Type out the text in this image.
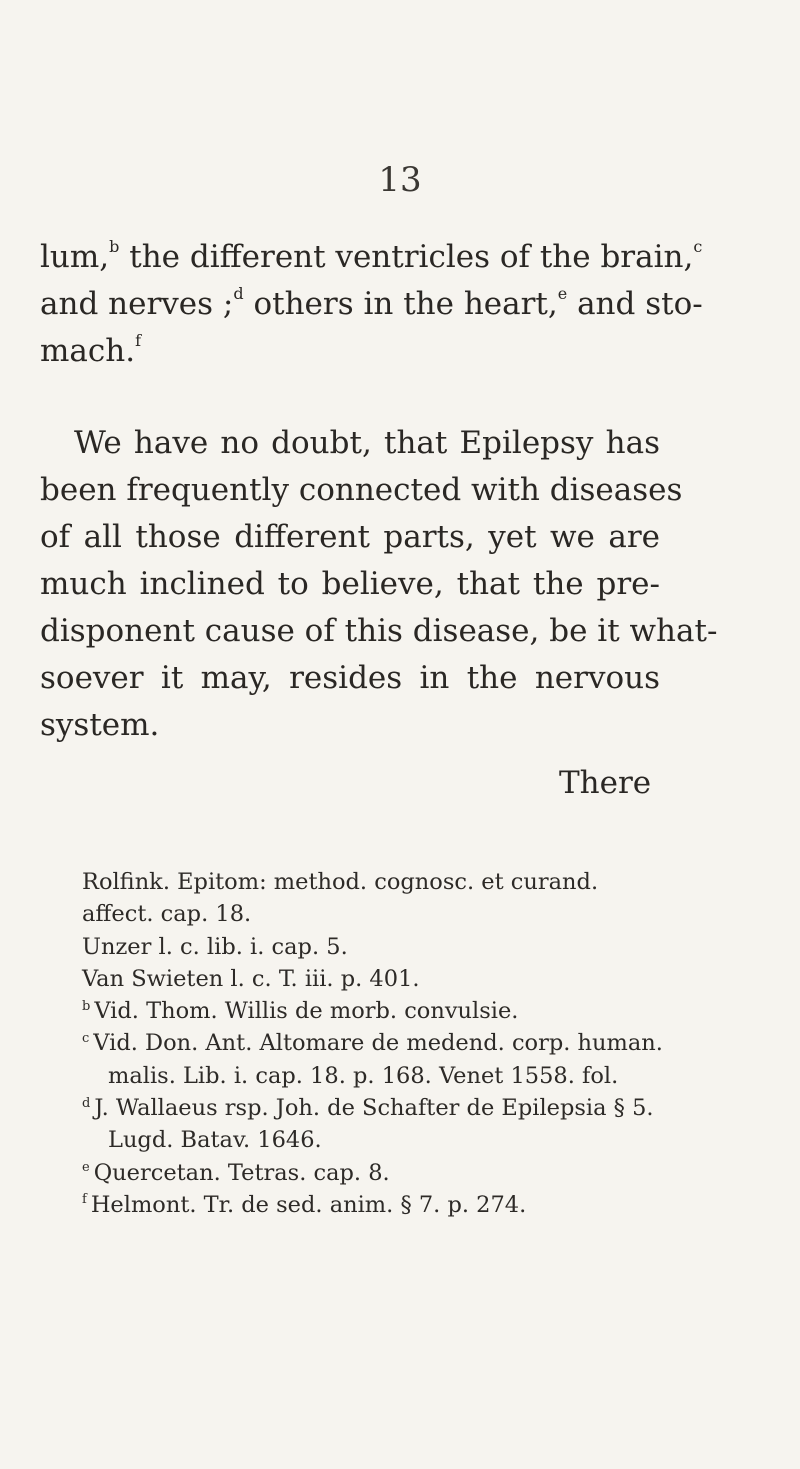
13
lum,$^b$ the different ventricles of the brain,$^c$
and nerves ;$^d$ others in the heart,$^e$ and sto-
mach.$^f$
We have no doubt, that Epilepsy has
been frequently connected with diseases
of all those different parts, yet we are
much inclined to believe, that the pre-
disponent cause of this disease, be it what-
soever it may, resides in the nervous
system.
There
Rolfink. Epitom: method. cognosc. et curand.
affect. cap. 18.
Unzer l. c. lib. i. cap. 5.
Van Swieten l. c. T. iii. p. 401.
$^b$ Vid. Thom. Willis de morb. convulsie.
$^c$ Vid. Don. Ant. Altomare de medend. corp. human.
malis. Lib. i. cap. 18. p. 168. Venet 1558. fol.
$^d$ J. Wallaeus rsp. Joh. de Schafter de Epilepsia § 5.
Lugd. Batav. 1646.
$^e$ Quercetan. Tetras. cap. 8.
$^f$ Helmont. Tr. de sed. anim. § 7. p. 274.
